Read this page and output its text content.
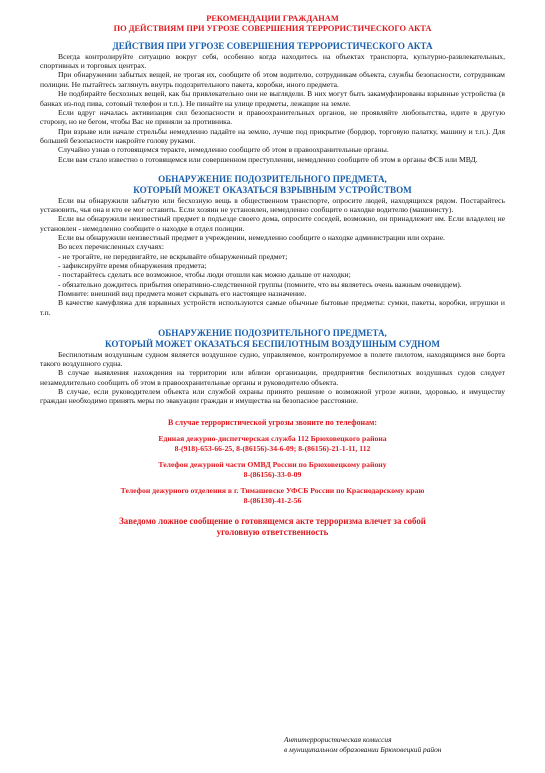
РЕКОМЕНДАЦИИ ГРАЖДАНАМ

ПО ДЕЙСТВИЯМ ПРИ УГРОЗЕ СОВЕРШЕНИЯ ТЕРРОРИСТИЧЕСКОГО АКТА

ДЕЙСТВИЯ ПРИ УГРОЗЕ СОВЕРШЕНИЯ ТЕРРОРИСТИЧЕСКОГО АКТА

Всегда контролируйте ситуацию вокруг себя, особенно когда находитесь на объектах транспорта, культурно-развлекательных, спортивных и торговых центрах.

При обнаружении забытых вещей, не трогая их, сообщите об этом водителю, сотрудникам объекта, службы безопасности, сотрудникам полиции. Не пытайтесь заглянуть внутрь подозрительного пакета, коробки, иного предмета.

Не подбирайте бесхозных вещей, как бы привлекательно они не выглядели. В них могут быть закамуфлированы взрывные устройства (в банках из-под пива, сотовый телефон и т.п.). Не пинайте на улице предметы, лежащие на земле.

Если вдруг началась активизация сил безопасности и правоохранительных органов, не проявляйте любопытства, идите в другую сторону, но не бегом, чтобы Вас не приняли за противника.

При взрыве или начале стрельбы немедленно падайте на землю, лучше под прикрытие (бордюр, торговую палатку, машину и т.п.). Для большей безопасности накройте голову руками.

Случайно узнав о готовящемся теракте, немедленно сообщите об этом в правоохранительные органы.

Если вам стало известно о готовящемся или совершенном преступлении, немедленно сообщите об этом в органы ФСБ или МВД.

ОБНАРУЖЕНИЕ ПОДОЗРИТЕЛЬНОГО ПРЕДМЕТА,

КОТОРЫЙ МОЖЕТ ОКАЗАТЬСЯ ВЗРЫВНЫМ УСТРОЙСТВОМ

Если вы обнаружили забытую или бесхозную вещь в общественном транспорте, опросите людей, находящихся рядом. Постарайтесь установить, чья она и кто ее мог оставить. Если хозяин не установлен, немедленно сообщите о находке водителю (машинисту).

Если вы обнаружили неизвестный предмет в подъезде своего дома, опросите соседей, возможно, он принадлежит им. Если владелец не установлен - немедленно сообщите о находке в отдел полиции.

Если вы обнаружили неизвестный предмет в учреждении, немедленно сообщите о находке администрации или охране.

Во всех перечисленных случаях:

- не трогайте, не передвигайте, не вскрывайте обнаруженный предмет;

- зафиксируйте время обнаружения предмета;

- постарайтесь сделать все возможное, чтобы люди отошли как можно дальше от находки;

- обязательно дождитесь прибытия оперативно-следственной группы (помните, что вы являетесь очень важным очевидцем).

Помните: внешний вид предмета может скрывать его настоящее назначение.

В качестве камуфляжа для взрывных устройств используются самые обычные бытовые предметы: сумки, пакеты, коробки, игрушки и т.п.

ОБНАРУЖЕНИЕ ПОДОЗРИТЕЛЬНОГО ПРЕДМЕТА,

КОТОРЫЙ МОЖЕТ ОКАЗАТЬСЯ БЕСПИЛОТНЫМ ВОЗДУШНЫМ СУДНОМ

Беспилотным воздушным судном является воздушное судно, управляемое, контролируемое в полете пилотом, находящимся вне борта такого воздушного судна.

В случае выявления нахождения на территории или вблизи организации, предприятия беспилотных воздушных судов следует незамедлительно сообщить об этом в правоохранительные органы и руководителю объекта.

В случае, если руководителем объекта или службой охраны принято решение о возможной угрозе жизни, здоровью, и имуществу граждан необходимо принять меры по эвакуации граждан и имущества на безопасное расстояние.

В случае террористической угрозы звоните по телефонам:

Единая дежурно-диспетчерская служба 112 Брюховецкого района

8-(918)-653-66-25, 8-(86156)-34-6-09; 8-(86156)-21-1-11, 112

Телефон дежурной части ОМВД России по Брюховецкому району

8-(86156)-33-0-09

Телефон дежурного отделения в г. Тимашевске УФСБ России по Краснодарскому краю

8-(86130)-41-2-56

Заведомо ложное сообщение о готовящемся акте терроризма влечет за собой
уголовную ответственность
Антитеррористическая комиссия
в муниципальном образовании Брюховецкий район
